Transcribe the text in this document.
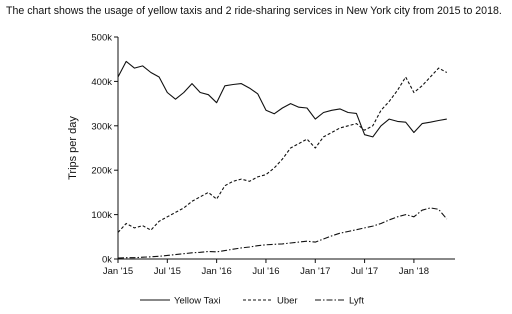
The chart shows the usage of yellow taxis and 2 ride-sharing services in New York city from 2015 to 2018.
0k
100k
200k
300k
400k
500k
Jan '15 Jul '15 Jan '16 Jul '16 Jan '17 Jul '17 Jan '18
Trips per day
Yellow Taxi	Uber	Lyft
